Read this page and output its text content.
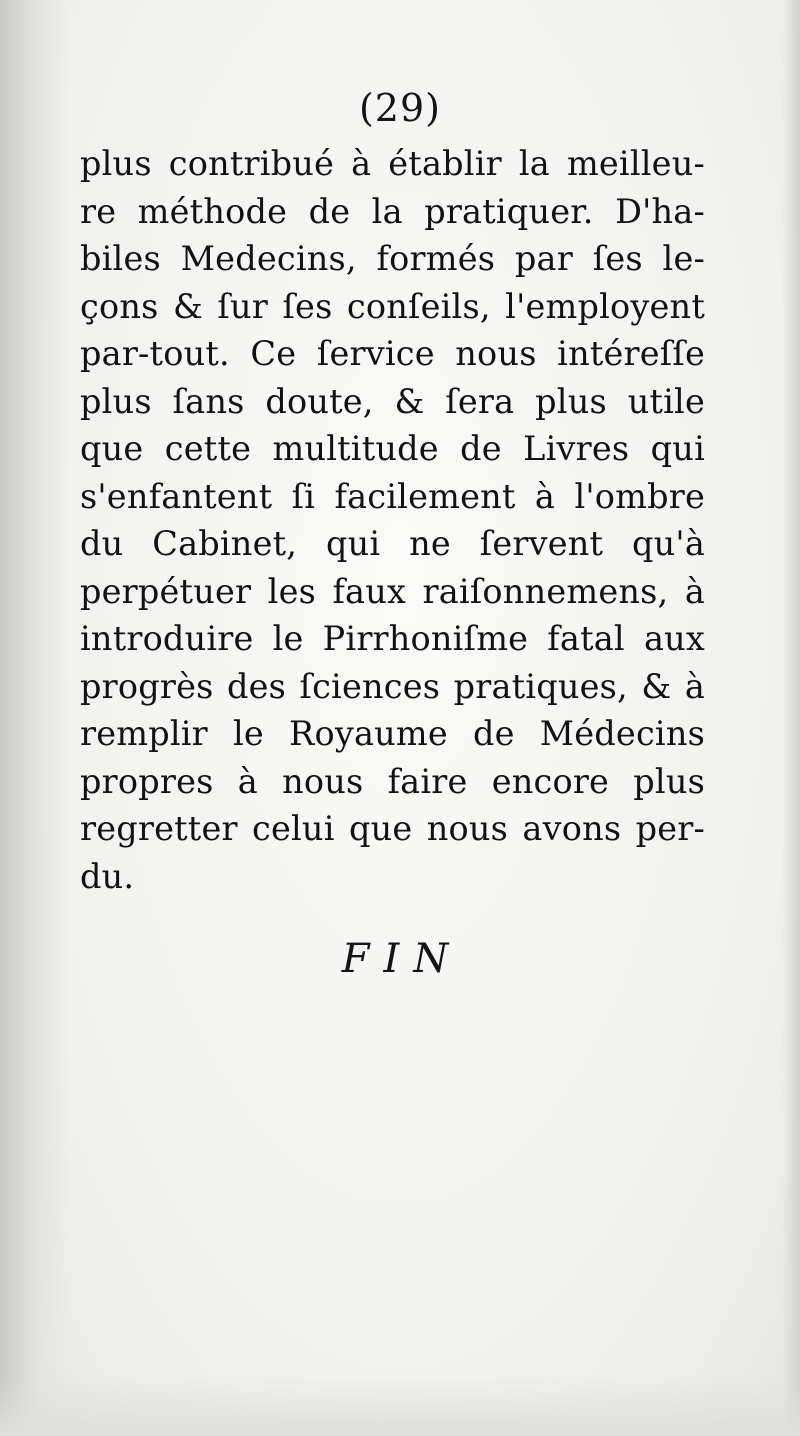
(29)
plus contribué à établir la meilleu-
re méthode de la pratiquer. D'ha-
biles Medecins, formés par ſes le-
çons & ſur ſes conſeils, l'employent
par-tout. Ce ſervice nous intéreſſe
plus ſans doute, & ſera plus utile
que cette multitude de Livres qui
s'enfantent ſi facilement à l'ombre
du Cabinet, qui ne ſervent qu'à
perpétuer les faux raiſonnemens, à
introduire le Pirrhoniſme fatal aux
progrès des ſciences pratiques, & à
remplir le Royaume de Médecins
propres à nous faire encore plus
regretter celui que nous avons per-
du.
FIN
